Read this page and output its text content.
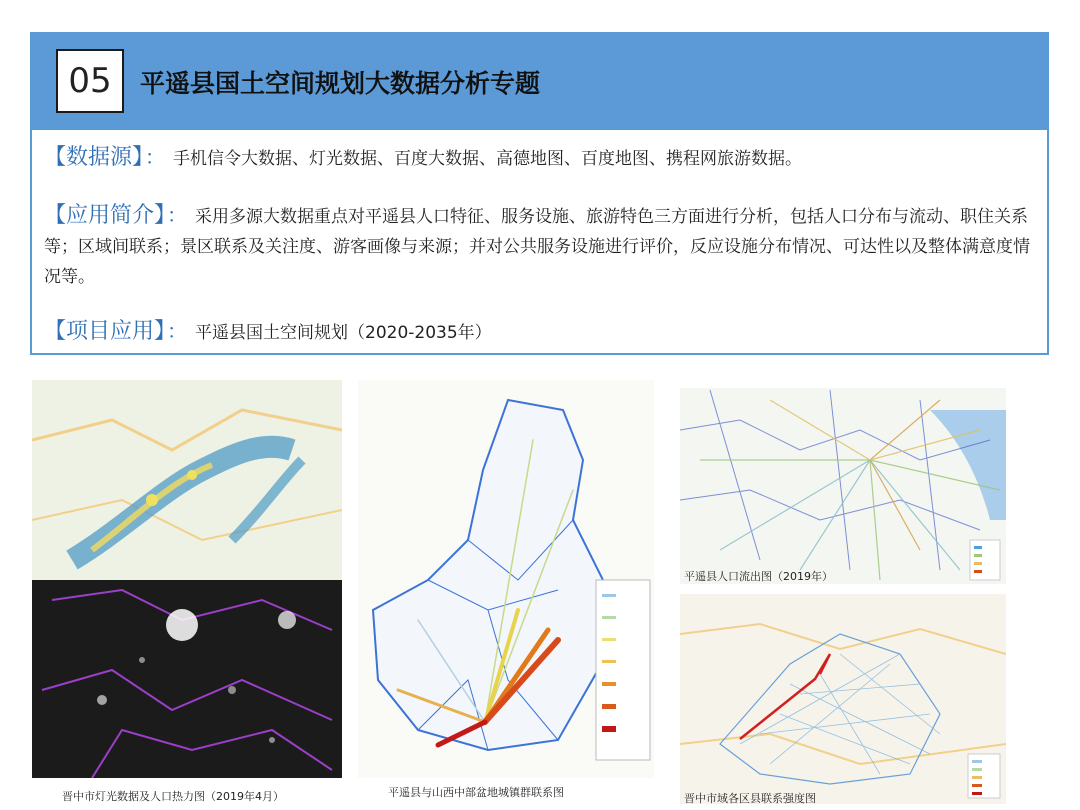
05	平遥县国土空间规划大数据分析专题
【数据源】 ： 手机信令大数据、灯光数据、百度大数据、高德地图、百度地图、携程网旅游数据。
【应用简介】 ： 采用多源大数据重点对平遥县人口特征、服务设施、旅游特色三方面进行分析，包括人口分布与流动、职住关系等；区域间联系；景区联系及关注度、游客画像与来源；并对公共服务设施进行评价，反应设施分布情况、可达性以及整体满意度情况等。
【项目应用】 ： 平遥县国土空间规划（2020-2035年）
晋中市灯光数据及人口热力图（2019年4月）	平遥县与山西中部盆地城镇群联系图
平遥县人口流出图（2019年）
晋中市域各区县联系强度图
